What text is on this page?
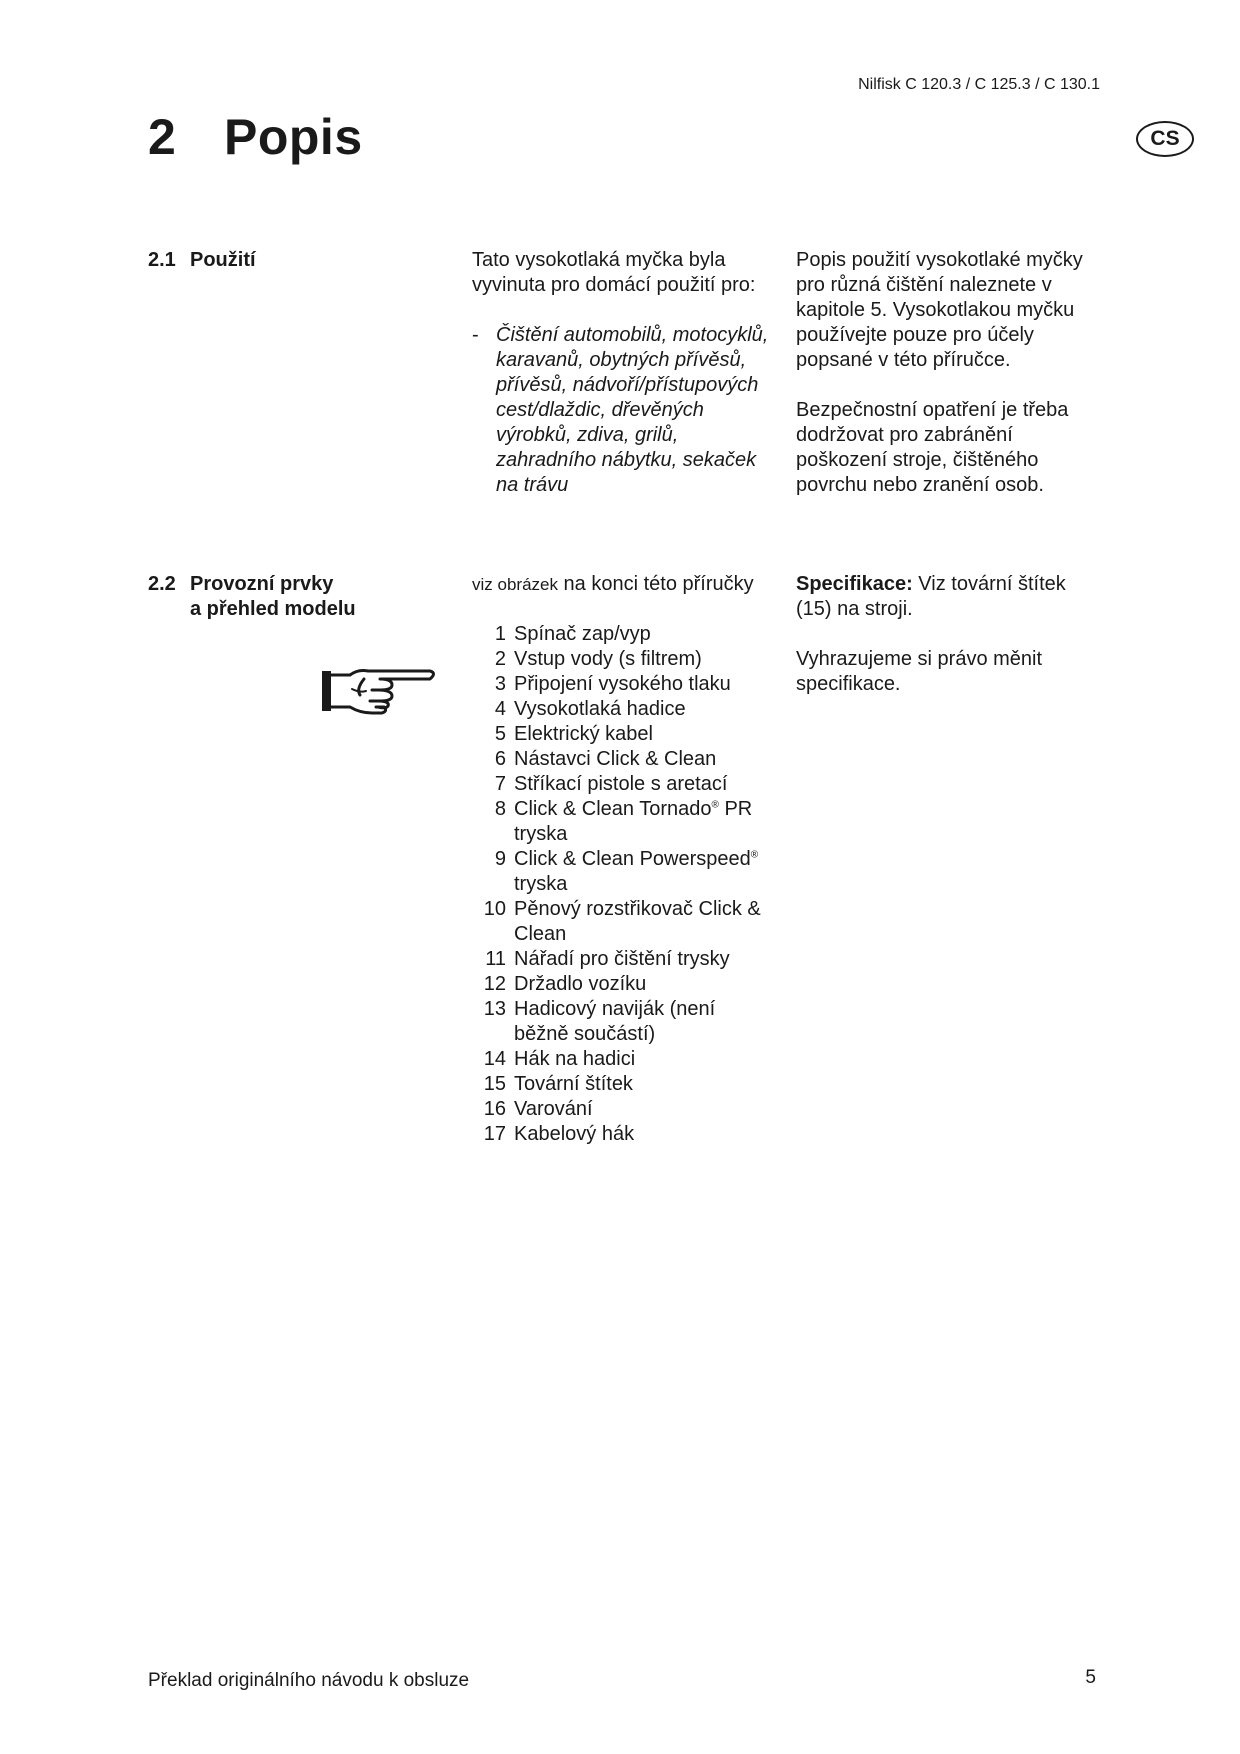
Nilfisk C 120.3 / C 125.3 / C 130.1
2 Popis	CS
2.1 Použití	Tato vysokotlaká myčka byla vyvinuta pro domácí použití pro:

- Čištění automobilů, motocyklů, karavanů, obytných přívěsů, přívěsů, nádvoří/přístupových cest/dlaždic, dřevěných výrobků, zdiva, grilů, zahradního nábytku, sekaček na trávu

Popis použití vysokotlaké myčky pro různá čištění naleznete v kapitole 5. Vysokotlakou myčku používejte pouze pro účely popsané v této příručce.

Bezpečnostní opatření je třeba dodržovat pro zabránění poškození stroje, čištěného povrchu nebo zranění osob.

2.2 Provozní prvky
a přehled modelu

viz obrázek na konci této příručky

1 Spínač zap/vyp
2 Vstup vody (s filtrem)
3 Připojení vysokého tlaku
4 Vysokotlaká hadice
5 Elektrický kabel
6 Nástavci Click & Clean
7 Stříkací pistole s aretací
8 Click & Clean Tornado® PR tryska
9 Click & Clean Powerspeed® tryska
10 Pěnový rozstřikovač Click & Clean
11 Nářadí pro čištění trysky
12 Držadlo vozíku
13 Hadicový naviják (není běžně součástí)
14 Hák na hadici
15 Tovární štítek
16 Varování
17 Kabelový hák

Specifikace: Viz tovární štítek (15) na stroji.

Vyhrazujeme si právo měnit specifikace.

Překlad originálního návodu k obsluze	5
